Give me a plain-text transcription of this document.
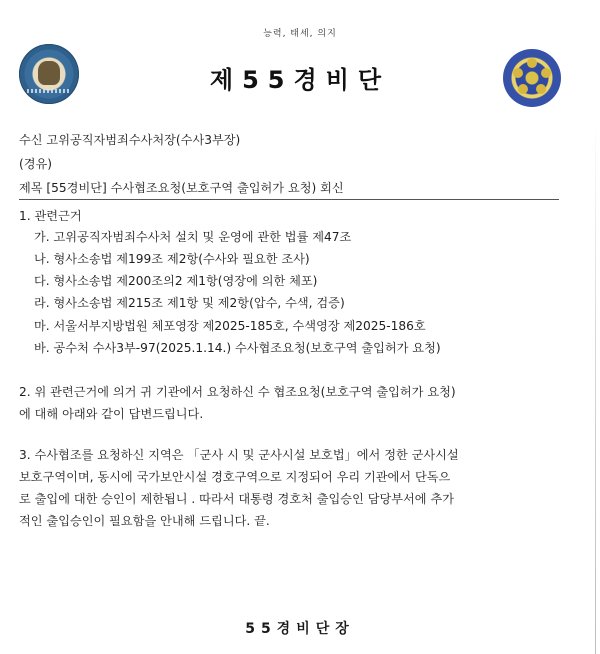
능력, 태세, 의지
제55경비단
수신 고위공직자범죄수사처장(수사3부장)
(경유)
제목 [55경비단] 수사협조요청(보호구역 출입허가 요청) 회신
1. 관련근거
가. 고위공직자범죄수사처 설치 및 운영에 관한 법률 제47조
나. 형사소송법 제199조 제2항(수사와 필요한 조사)
다. 형사소송법 제200조의2 제1항(영장에 의한 체포)
라. 형사소송법 제215조 제1항 및 제2항(압수, 수색, 검증)
마. 서울서부지방법원 체포영장 제2025-185호, 수색영장 제2025-186호
바. 공수처 수사3부-97(2025.1.14.) 수사협조요청(보호구역 출입허가 요청)
2. 위 관련근거에 의거 귀 기관에서 요청하신 수 협조요청(보호구역 출입허가 요청)
에 대해 아래와 같이 답변드립니다.
3. 수사협조를 요청하신 지역은 「군사 시 및 군사시설 보호법」에서 정한 군사시설
보호구역이며, 동시에 국가보안시설 경호구역으로 지정되어 우리 기관에서 단독으
로 출입에 대한 승인이 제한됩니 . 따라서 대통령 경호처 출입승인 담당부서에 추가
적인 출입승인이 필요함을 안내해 드립니다. 끝.
55경비단장
